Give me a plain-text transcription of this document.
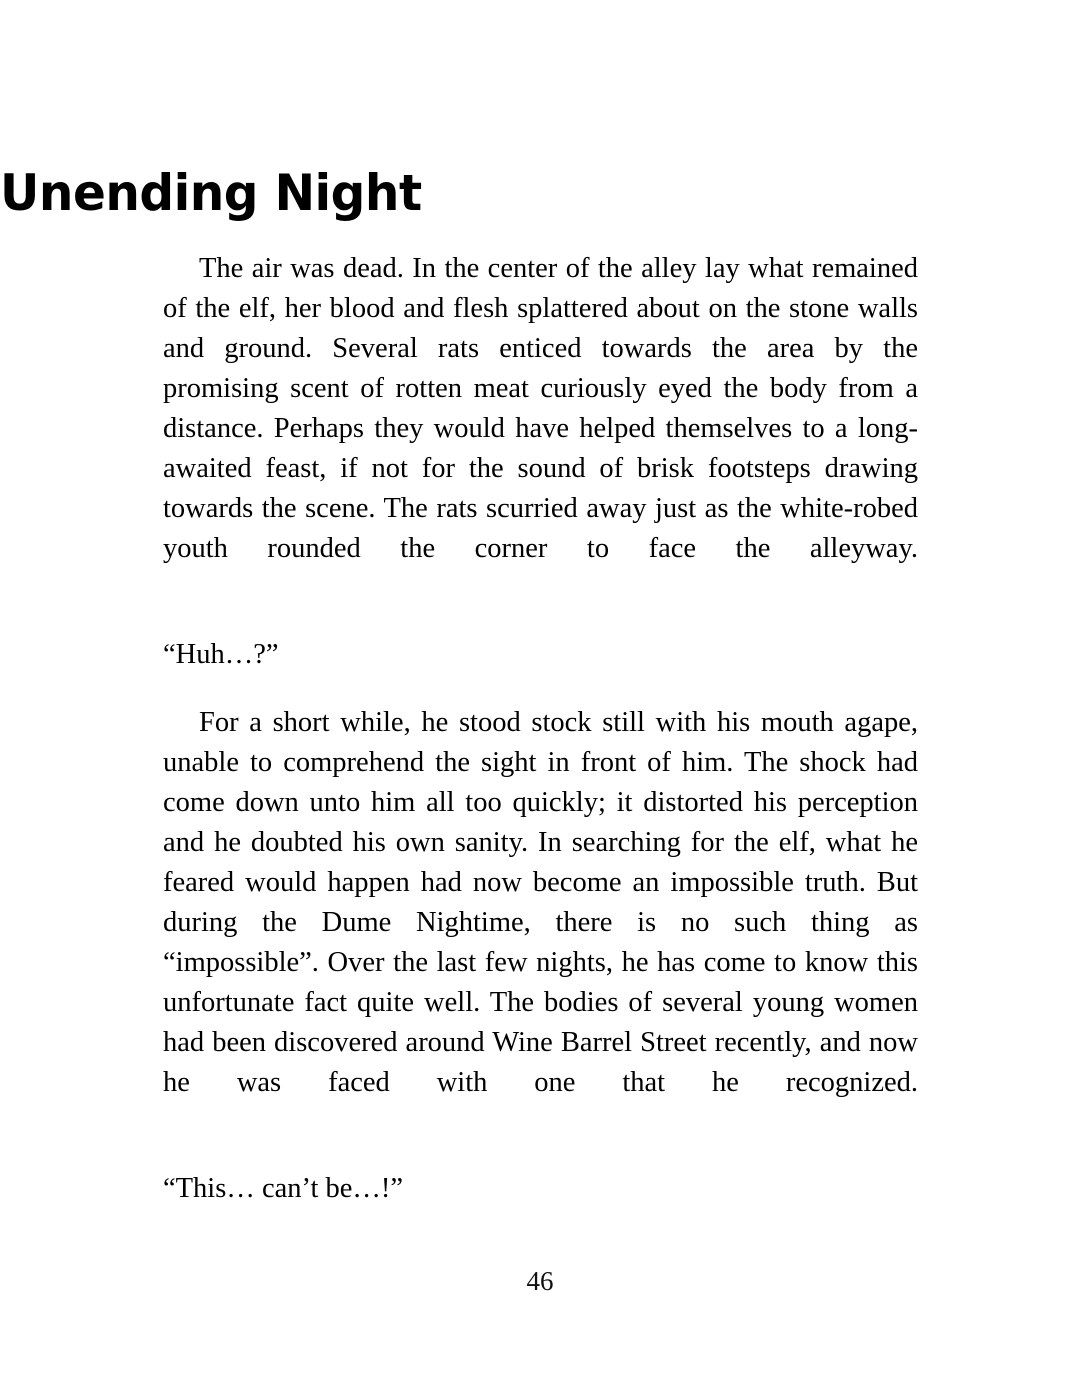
Unending Night

The air was dead. In the center of the alley lay what remained of the elf, her blood and flesh splattered about on the stone walls and ground. Several rats enticed towards the area by the promising scent of rotten meat curiously eyed the body from a distance. Perhaps they would have helped themselves to a long-awaited feast, if not for the sound of brisk footsteps drawing towards the scene. The rats scurried away just as the white-robed youth rounded the corner to face the alleyway.

“Huh…?”

For a short while, he stood stock still with his mouth agape, unable to comprehend the sight in front of him. The shock had come down unto him all too quickly; it distorted his perception and he doubted his own sanity. In searching for the elf, what he feared would happen had now become an impossible truth. But during the Dume Nightime, there is no such thing as “impossible”. Over the last few nights, he has come to know this unfortunate fact quite well. The bodies of several young women had been discovered around Wine Barrel Street recently, and now he was faced with one that he recognized.

“This… can’t be…!”

46
